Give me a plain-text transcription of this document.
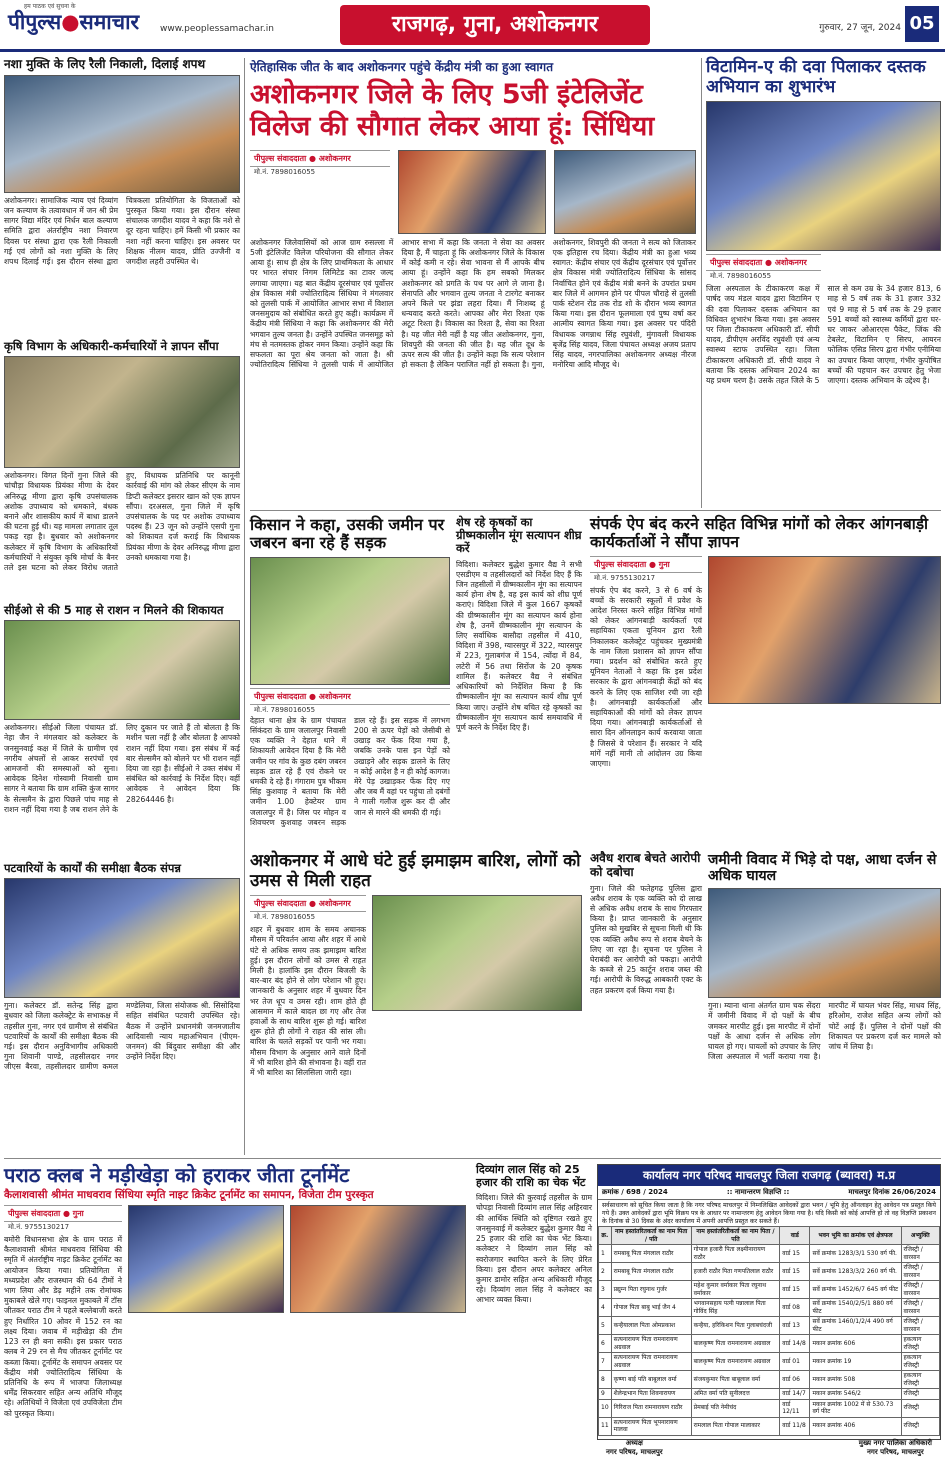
हम पाठक एवं सुचना के
पीपुल्स●समाचार www.peoplessamachar.in	राजगढ़, गुना, अशोकनगर	गुरुवार, 27 जून, 2024 05
नशा मुक्ति के लिए रैली निकाली, दिलाई शपथ
अशोकनगर। सामाजिक न्याय एवं दिव्यांग जन कल्याण के तत्वावधान में जन श्री प्रेम सागर विद्या मंदिर एवं निर्धन बाल कल्याण समिति द्वारा अंतर्राष्ट्रीय नशा निवारण दिवस पर संस्था द्वारा एक रैली निकाली गई एवं लोगों को नशा मुक्ति के लिए शपथ दिलाई गई। इस दौरान संस्था द्वारा चित्रकला प्रतियोगिता के विजताओं को पुरस्कृत किया गया। इस दौरान संस्था संचालक जगदीश यादव ने कहा कि नशे से दूर रहना चाहिए। हमें किसी भी प्रकार का नशा नहीं करना चाहिए। इस अवसर पर शिक्षक नीलम यादव, प्रीति उज्जैनी व जगदीश लहरी उपस्थित थे।
कृषि विभाग के अधिकारी-कर्मचारियों ने ज्ञापन सौंपा
अशोकनगर। विगत दिनों गुना जिले की चांचौड़ा विधायक प्रियंका मीणा के देवर अनिरुद्ध मीणा द्वारा कृषि उपसंचालक अशोक उपाध्याय को धमकाने, बंधक बनाने और शासकीय कार्य में बाधा डालने की घटना हुई थी। यह मामला लगातार तूल पकड़ रहा है। बुधवार को अशोकनगर कलेक्टर में कृषि विभाग के अधिकारियों कर्मचारियों ने संयुक्त कृषि मोर्चा के बैनर तले इस घटना को लेकर विरोध जताते हुए, विधायक प्रतिनिधि पर कानूनी कार्रवाई की मांग को लेकर सीएम के नाम डिप्टी कलेक्टर इसरार खान को एक ज्ञापन सौंपा। दरअसल, गुना जिले में कृषि उपसंचालक के पद पर अशोक उपाध्याय पदस्थ हैं। 23 जून को उन्होंने एसपी गुना को शिकायत दर्ज कराई कि विधायक प्रियंका मीणा के देवर अनिरुद्ध मीणा द्वारा उनको धमकाया गया है।
सीईओ से की 5 माह से राशन न मिलने की शिकायत
अशोकनगर। सीईओ जिला पंचायत डॉ. नेहा जैन ने मंगलवार को कलेक्टर के जनसुनवाई कक्ष में जिले के ग्रामीण एवं नगरीय अंचलों से आकर सरपंचों एवं आमजनों की समस्याओं को सुना। आवेदक दिनेश गोस्वामी निवासी ग्राम सागर ने बताया कि ग्राम शक्ति कुंज सागर के सेल्समैन के द्वारा पिछले पांच माह से राशन नहीं दिया गया है जब राशन लेने के लिए दुकान पर जाते हैं तो बोलता है कि मशीन चला नहीं है और बोलता है आपको राशन नहीं दिया गया। इस संबंध में कई बार सेल्समैन को बोलने पर भी राशन नहीं दिया जा रहा है। सीईओ ने उक्त संबंध में संबंधित को कार्रवाई के निर्देश दिए। वहीं आवेदक ने आवेदन दिया कि 28264446 है।
पटवारियों के कार्यों की समीक्षा बैठक संपन्न
गुना। कलेक्टर डॉ. सतेन्द्र सिंह द्वारा बुधवार को जिला कलेक्ट्रेट के सभाकक्ष में तहसील गुना, नगर एवं ग्रामीण से संबंधित पटवारियों के कार्यों की समीक्षा बैठक की गई। इस दौरान अनुविभागीय अधिकारी गुना शिवानी पाण्डे, तहसीलदार नगर जीएस बैरवा, तहसीलदार ग्रामीण कमल मण्डेलिया, जिला संयोजक श्री. सिसोदिया सहित संबंधित पटवारी उपस्थित रहे। बैठक में उन्होंने प्रधानमंत्री जनमजातीय आदिवासी न्याय महाअभियान (पीएम-जनमन) की बिंदुवार समीक्षा की और उन्होंने निर्देश दिए।
ऐतिहासिक जीत के बाद अशोकनगर पहुंचे केंद्रीय मंत्री का हुआ स्वागत
अशोकनगर जिले के लिए 5जी इंटेलिजेंट विलेज की सौगात लेकर आया हूं: सिंधिया
पीपुल्स संवाददाता ● अशोकनगर
मो.नं. 7898016055
अशोकनगर जिलेवासियों को आज ग्राम रुसल्ला में 5जी इंटेलिजेंट विलेज परियोजना की सौगात लेकर आया हूं। साथ ही क्षेत्र के लिए प्राथमिकता के आधार पर भारत संचार निगम लिमिटेड का टावर जल्द लगाया जाएगा। यह बात केंद्रीय दूरसंचार एवं पूर्वोत्तर क्षेत्र विकास मंत्री ज्योतिरादित्य सिंधिया ने मंगलवार को तुलसी पार्क में आयोजित आभार सभा में विशाल जनसमुदाय को संबोधित करते हुए कही। कार्यक्रम में केंद्रीय मंत्री सिंधिया ने कहा कि अशोकनगर की मेरी भगवान तुल्य जनता है। उन्होंने उपस्थित जनसमूह को मंच से नतमस्तक होकर नमन किया। उन्होंने कहा कि सफलता का पूरा श्रेय जनता को जाता है। श्री ज्योतिरादित्य सिंधिया ने तुलसी पार्क में आयोजित आभार सभा में कहा कि जनता ने सेवा का अवसर दिया है, मैं चाहता हूं कि अशोकनगर जिले के विकास में कोई कमी न रहे। सेवा भावना से मैं आपके बीच आया हूं। उन्होंने कहा कि हम सबको मिलकर अशोकनगर को प्रगति के पथ पर आगे ले जाना है। सेनापति और भगवान तुल्य जनता ने टारगेट बनाकर अपने किले पर झंडा लहरा दिया। मैं निःशब्द हूं धन्यवाद करते करते। आपका और मेरा रिश्ता एक अटूट रिश्ता है। विकास का रिश्ता है, सेवा का रिश्ता है। यह जीत मेरी नहीं है यह जीत अशोकनगर, गुना, शिवपुरी की जनता की जीत है। यह जीत दूध के ऊपर सत्य की जीत है। उन्होंने कहा कि सत्य परेशान हो सकता है लेकिन पराजित नहीं हो सकता है। गुना, अशोकनगर, शिवपुरी की जनता ने सत्य को जिताकर एक इतिहास रच दिया। केंद्रीय मंत्री का हुआ भव्य स्वागत: केंद्रीय संचार एवं केंद्रीय दूरसंचार एवं पूर्वोत्तर क्षेत्र विकास मंत्री ज्योतिरादित्य सिंधिया के सांसद निर्वाचित होने एवं केंद्रीय मंत्री बनने के उपरांत प्रथम बार जिले में आगमन होने पर पीपल चौराहे से तुलसी पार्क स्टेशन रोड तक रोड शो के दौरान भव्य स्वागत किया गया। इस दौरान फूलमाला एवं पुष्प वर्षा कर आत्मीय स्वागत किया गया। इस अवसर पर पंदिरी विधायक जगन्नाथ सिंह रघुवंशी, मुंगावली विधायक बृजेंद्र सिंह यादव, जिला पंचायत अध्यक्ष अजय प्रताप सिंह यादव, नगरपालिका अशोकनगर अध्यक्ष नीरज मनोरिया आदि मौजूद थे।
विटामिन-ए की दवा पिलाकर दस्तक अभियान का शुभारंभ
पीपुल्स संवाददाता ● अशोकनगर
मो.नं. 7898016055
जिला अस्पताल के टीकाकरण कक्ष में पार्षद जय मंडल यादव द्वारा विटामिन ए की दवा पिलाकर दस्तक अभियान का विधिवत शुभारंभ किया गया। इस अवसर पर जिला टीकाकरण अधिकारी डॉ. सीपी यादव, डीपीएम अरविंद रघुवंशी एवं अन्य स्वास्थ्य स्टाफ उपस्थित रहा। जिला टीकाकरण अधिकारी डॉ. सीपी यादव ने बताया कि दस्तक अभियान 2024 का यह प्रथम चरण है। उसके तहत जिले के 5 साल से कम उम्र के 34 हजार 813, 6 माह से 5 वर्ष तक के 31 हजार 332 एवं 9 माह से 5 वर्ष तक के 29 हजार 591 बच्चों को स्वास्थ्य कर्मियों द्वारा घर-घर जाकर ओआरएस पैकेट, जिंक की टेबलेट, विटामिन ए सिरप, आयरन फोलिक एसिड सिरप द्वारा गंभीर एनीमिया का उपचार किया जाएगा, गंभीर कुपोषित बच्चों की पहचान कर उपचार हेतु भेजा जाएगा। दस्तक अभियान के उद्देश्य है।
किसान ने कहा, उसकी जमीन पर जबरन बना रहे हैं सड़क
पीपुल्स संवाददाता ● अशोकनगर
मो.नं. 7898016055
देहात थाना क्षेत्र के ग्राम पंचायत सिंकंदरा के ग्राम जलालपुर निवासी एक व्यक्ति ने देहात थाने में शिकायती आवेदन दिया है कि मेरी जमीन पर गांव के कुछ दबंग जबरन सड़क डाल रहे हैं एवं रोकने पर धमकी दे रहे हैं। गंगाराम पुत्र भीकम सिंह कुशवाह ने बताया कि मेरी जमीन 1.00 हेक्टेयर ग्राम जलालपुर में है। जिस पर मोहन व शिवचरण कुशवाह जबरन सड़क डाल रहे हैं। इस सड़क में लगभग 200 से ऊपर पेड़ों को जेसीबी से उखाड़ कर फेंक दिया गया है, जबकि उनके पास इन पेड़ों को उखाड़ने और सड़क डालने के लिए न कोई आदेश है न ही कोई कागज। मेरे पेड़ उखाड़कर फेंक दिए गए और जब मैं वहां पर पहुंचा तो दबंगों ने गाली गलौज शुरू कर दी और जान से मारने की धमकी दी गई।
शेष रहे कृषकों का ग्रीष्मकालीन मूंग सत्यापन शीघ्र करें
विदिशा। कलेक्टर बुद्धेश कुमार वैद्य ने सभी एसडीएम व तहसीलदारों को निर्देश दिए हैं कि जिन तहसीलों में ग्रीष्मकालीन मूंग का सत्यापन कार्य होना शेष है, वह इस कार्य को शीघ्र पूर्ण कराएं। विदिशा जिले में कुल 1667 कृषकों की ग्रीष्मकालीन मूंग का सत्यापन कार्य होना शेष है, उनमें ग्रीष्मकालीन मूंग सत्यापन के लिए सर्वाधिक बासौदा तहसील में 410, विदिशा में 398, ग्यारसपुर में 322, ग्यारसपुर में 223, गुलाबगंज में 154, त्योंदा में 84, लटेरी में 56 तथा सिरोंज के 20 कृषक शामिल हैं। कलेक्टर वैद्य ने संबंधित अधिकारियों को निर्देशित किया है कि ग्रीष्मकालीन मूंग का सत्यापन कार्य शीघ्र पूर्ण किया जाए। उन्होंने शेष बचित रहे कृषकों का ग्रीष्मकालीन मूंग सत्यापन कार्य समयावधि में पूर्ण करने के निर्देश दिए हैं।
संपर्क ऐप बंद करने सहित विभिन्न मांगों को लेकर आंगनबाड़ी कार्यकर्ताओं ने सौंपा ज्ञापन
पीपुल्स संवाददाता ● गुना
मो.नं. 9755130217
संपर्क ऐप बंद करने, 3 से 6 वर्ष के बच्चों के सरकारी स्कूलों में प्रवेश के आदेश निरस्त करने सहित विभिन्न मांगों को लेकर आंगनबाड़ी कार्यकर्ता एवं सहायिका एकता यूनियन द्वारा रैली निकालकर कलेक्ट्रेट पहुंचकर मुख्यमंत्री के नाम जिला प्रशासन को ज्ञापन सौंपा गया। प्रदर्शन को संबोधित करते हुए यूनियन नेताओं ने कहा कि इस प्रदेश सरकार के द्वारा आंगनबाड़ी केंद्रों को बंद करने के लिए एक साजिश रची जा रही है। आंगनबाड़ी कार्यकर्ताओं और सहायिकाओं की मांगों को लेकर ज्ञापन दिया गया। आंगनबाड़ी कार्यकर्ताओं से सारा दिन ऑनलाइन कार्य करवाया जाता है जिससे वे परेशान हैं। सरकार ने यदि मांगें नहीं मानी तो आंदोलन उग्र किया जाएगा।
अशोकनगर में आधे घंटे हुई झमाझम बारिश, लोगों को उमस से मिली राहत
पीपुल्स संवाददाता ● अशोकनगर
मो.नं. 7898016055
शहर में बुधवार शाम के समय अचानक मौसम में परिवर्तन आया और शहर में आधे घंटे से अधिक समय तक झमाझम बारिश हुई। इस दौरान लोगों को उमस से राहत मिली है। हालांकि इस दौरान बिजली के बार-बार बंद होने से लोग परेशान भी हुए। जानकारी के अनुसार शहर में बुधवार दिन भर तेज धूप व उमस रही। शाम होते ही आसमान में काले बादल छा गए और तेज हवाओं के साथ बारिश शुरू हो गई। बारिश शुरू होते ही लोगों ने राहत की सांस ली। बारिश के चलते सड़कों पर पानी भर गया। मौसम विभाग के अनुसार आने वाले दिनों में भी बारिश होने की संभावना है। वहीं रात में भी बारिश का सिलसिला जारी रहा।
अवैध शराब बेचते आरोपी को दबोचा
गुना। जिले की फतेहगढ़ पुलिस द्वारा अवैध शराब के एक व्यक्ति को दो लाख से अधिक अवैध शराब के साथ गिरफ्तार किया है। प्राप्त जानकारी के अनुसार पुलिस को मुखबिर से सूचना मिली थी कि एक व्यक्ति अवैध रूप से शराब बेचने के लिए जा रहा है। सूचना पर पुलिस ने घेराबंदी कर आरोपी को पकड़ा। आरोपी के कब्जे से 25 कार्टून शराब जब्त की गई। आरोपी के विरुद्ध आबकारी एक्ट के तहत प्रकरण दर्ज किया गया है।
जमीनी विवाद में भिड़े दो पक्ष, आधा दर्जन से अधिक घायल
गुना। म्याना थाना अंतर्गत ग्राम चक सेंदरा में जमीनी विवाद में दो पक्षों के बीच जमकर मारपीट हुई। इस मारपीट में दोनों पक्षों के आधा दर्जन से अधिक लोग घायल हो गए। घायलों को उपचार के लिए जिला अस्पताल में भर्ती कराया गया है। मारपीट में घायल भंवर सिंह, माधव सिंह, हरिओम, राजेश सहित अन्य लोगों को चोटें आई हैं। पुलिस ने दोनों पक्षों की शिकायत पर प्रकरण दर्ज कर मामले को जांच में लिया है।
पराठ क्लब ने मड़ीखेड़ा को हराकर जीता टूर्नामेंट
कैलाशवासी श्रीमंत माधवराव सिंधिया स्मृति नाइट क्रिकेट टूर्नामेंट का समापन, विजेता टीम पुरस्कृत
पीपुल्स संवाददाता ● गुना
मो.नं. 9755130217
बमोरी विधानसभा क्षेत्र के ग्राम पराठ में कैलाशवासी श्रीमंत माधवराव सिंधिया की स्मृति में अंतर्राष्ट्रीय नाइट क्रिकेट टूर्नामेंट का आयोजन किया गया। प्रतियोगिता में मध्यप्रदेश और राजस्थान की 64 टीमों ने भाग लिया और डेढ़ महीने तक रोमांचक मुकाबले खेले गए। फाइनल मुकाबले में टॉस जीतकर पराठ टीम ने पहले बल्लेबाजी करते हुए निर्धारित 10 ओवर में 152 रन का लक्ष्य दिया। जवाब में मड़ीखेड़ा की टीम 123 रन ही बना सकी। इस प्रकार पराठ क्लब ने 29 रन से मैच जीतकर टूर्नामेंट पर कब्जा किया। टूर्नामेंट के समापन अवसर पर केंद्रीय मंत्री ज्योतिरादित्य सिंधिया के प्रतिनिधि के रूप में भाजपा जिलाध्यक्ष धर्मेंद्र सिकरवार सहित अन्य अतिथि मौजूद रहे। अतिथियों ने विजेता एवं उपविजेता टीम को पुरस्कृत किया।
दिव्यांग लाल सिंह को 25 हजार की राशि का चेक भेंट
विदिशा। जिले की कुरवाई तहसील के ग्राम चोपड़ा निवासी दिव्यांग लाल सिंह अहिरवार की आर्थिक स्थिति को दृष्टिगत रखते हुए जनसुनवाई में कलेक्टर बुद्धेश कुमार वैद्य ने 25 हजार की राशि का चेक भेंट किया। कलेक्टर ने दिव्यांग लाल सिंह को स्वरोजगार स्थापित करने के लिए प्रेरित किया। इस दौरान अपर कलेक्टर अनिल कुमार डामोर सहित अन्य अधिकारी मौजूद रहे। दिव्यांग लाल सिंह ने कलेक्टर का आभार व्यक्त किया।
कार्यालय नगर परिषद माचलपुर जिला राजगढ़ (ब्यावरा) म.प्र
क्रमांक / 698 / 2024	:: नामान्तरण विज्ञप्ति ::	माचलपुर दिनांक 26/06/2024
सर्वसाधारण को सूचित किया जाता है कि नगर परिषद माचलपुर में निम्नलिखित आवेदकों द्वारा भवन / भूमि हेतु ऑनलाइन हेतु आवेदन पत्र प्रस्तुत किये गये हैं। उक्त आवेदकों द्वारा भूमि विक्रय पत्र के आधार पर नामान्तरण हेतु आवेदन किया गया है। यदि किसी को कोई आपत्ति हो तो वह विज्ञप्ति प्रकाशन के दिनांक से 30 दिवस के अंदर कार्यालय में अपनी आपत्ति प्रस्तुत कर सकते हैं।
क्र.	नाम हस्तांतरितकर्ता का नाम पिता / पति	नाम हस्तांतरितीकर्ता का नाम पिता / पति	वार्ड	भवन भूमि का क्रमांक एवं क्षेत्रफल	अभ्युक्ति
1	रामबाबू पिता मंगलाल राठौर	गोपाल हजारी पिता लक्ष्मीनारायण राठौर	वार्ड 15	सर्वे क्रमांक 1283/3/1 530 वर्ग फी.	रजिस्ट्री / वारसान
2	रामबाबू पिता मंगलाल राठौर	हजारी राठौर पिता गणपतिलाल राठौर	वार्ड 15	सर्वे क्रमांक 1283/3/2 260 वर्ग फी.	रजिस्ट्री / वारसान
3	प्रद्युम्न पिता रघुनाथ गुर्जर	महेश कुमार वर्माकार पिता रघुनाथ वर्माकार	वार्ड 15	सर्वे क्रमांक 1452/6/7 645 वर्ग फीट	रजिस्ट्री / वारसान
4	गोपाल पिता बाबु भाई जैन 4	भगवानसहाय पत्नी पन्नालाल पिता गोविंद सिंह	वार्ड 08	सर्वे क्रमांक 1540/2/5/1 880 वर्ग फीट	रजिस्ट्री / वारसान
5	कन्हैयालाल पिता ओमप्रकाश	कन्हैया, हरिकिशन पिता गुलाबचंदजी	वार्ड 13	सर्वे क्रमांक 1460/1/2/4 490 वर्ग फीट	रजिस्ट्री / वारसान
6	सत्यनारायण पिता रामनारायण अग्रवाल	बालकृष्ण पिता रामनारायण अग्रवाल	वार्ड 14/8	मकान क्रमांक 606	हकत्याग रजिस्ट्री
7	सत्यनारायण पिता रामनारायण अग्रवाल	बालकृष्ण पिता रामनारायण अग्रवाल	वार्ड 01	मकान क्रमांक 19	हकत्याग रजिस्ट्री
8	कृष्णा बाई पति बाबूलाल वर्मा	संजयकुमार पिता बाबूलाल वर्मा	वार्ड 06	मकान क्रमांक 508	हकत्याग रजिस्ट्री
9	शैलेन्द्रभान पिता शिवनारायण	अमित वर्मा पति सुनीलदत्त	वार्ड 14/7	मकान क्रमांक 546/2	रजिस्ट्री
10	गिरिराज पिता रामनारायण राठौर	प्रेमबाई पति नेमीचंद	वार्ड 12/11	मकान क्रमांक 1002 में से 530.73 वर्ग फीट	रजिस्ट्री
11	सत्यनारायण पिता भूपनारायण मालवा	रामलाल पिता गोपाल मालाकार	वार्ड 11/8	मकान क्रमांक 406	रजिस्ट्री
अध्यक्ष
नगर परिषद, माचलपुर
मुख्य नगर पालिका अधिकारी
नगर परिषद, माचलपुर
